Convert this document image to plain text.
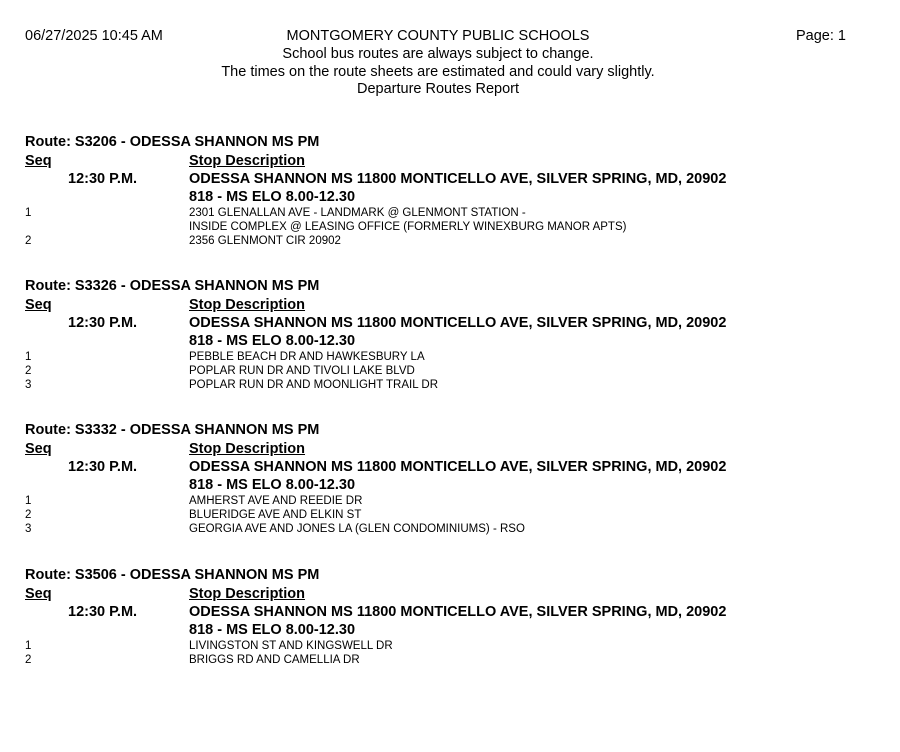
06/27/2025 10:45 AM	MONTGOMERY COUNTY PUBLIC SCHOOLS
School bus routes are always subject to change.
The times on the route sheets are estimated and could vary slightly.
Departure Routes Report
Page: 1
Route: S3206 - ODESSA SHANNON MS PM
Seq	Stop Description
12:30 P.M.	ODESSA SHANNON MS 11800 MONTICELLO AVE, SILVER SPRING, MD, 20902
818 - MS ELO 8.00-12.30
1	2301 GLENALLAN AVE - LANDMARK @ GLENMONT STATION -
INSIDE COMPLEX @ LEASING OFFICE (FORMERLY WINEXBURG MANOR APTS)
2	2356 GLENMONT CIR 20902
Route: S3326 - ODESSA SHANNON MS PM
Seq	Stop Description
12:30 P.M.	ODESSA SHANNON MS 11800 MONTICELLO AVE, SILVER SPRING, MD, 20902
818 - MS ELO 8.00-12.30
1	PEBBLE BEACH DR AND HAWKESBURY LA
2	POPLAR RUN DR AND TIVOLI LAKE BLVD
3	POPLAR RUN DR AND MOONLIGHT TRAIL DR
Route: S3332 - ODESSA SHANNON MS PM
Seq	Stop Description
12:30 P.M.	ODESSA SHANNON MS 11800 MONTICELLO AVE, SILVER SPRING, MD, 20902
818 - MS ELO 8.00-12.30
1	AMHERST AVE AND REEDIE DR
2	BLUERIDGE AVE AND ELKIN ST
3	GEORGIA AVE AND JONES LA (GLEN CONDOMINIUMS) - RSO
Route: S3506 - ODESSA SHANNON MS PM
Seq	Stop Description
12:30 P.M.	ODESSA SHANNON MS 11800 MONTICELLO AVE, SILVER SPRING, MD, 20902
818 - MS ELO 8.00-12.30
1	LIVINGSTON ST AND KINGSWELL DR
2	BRIGGS RD AND CAMELLIA DR
